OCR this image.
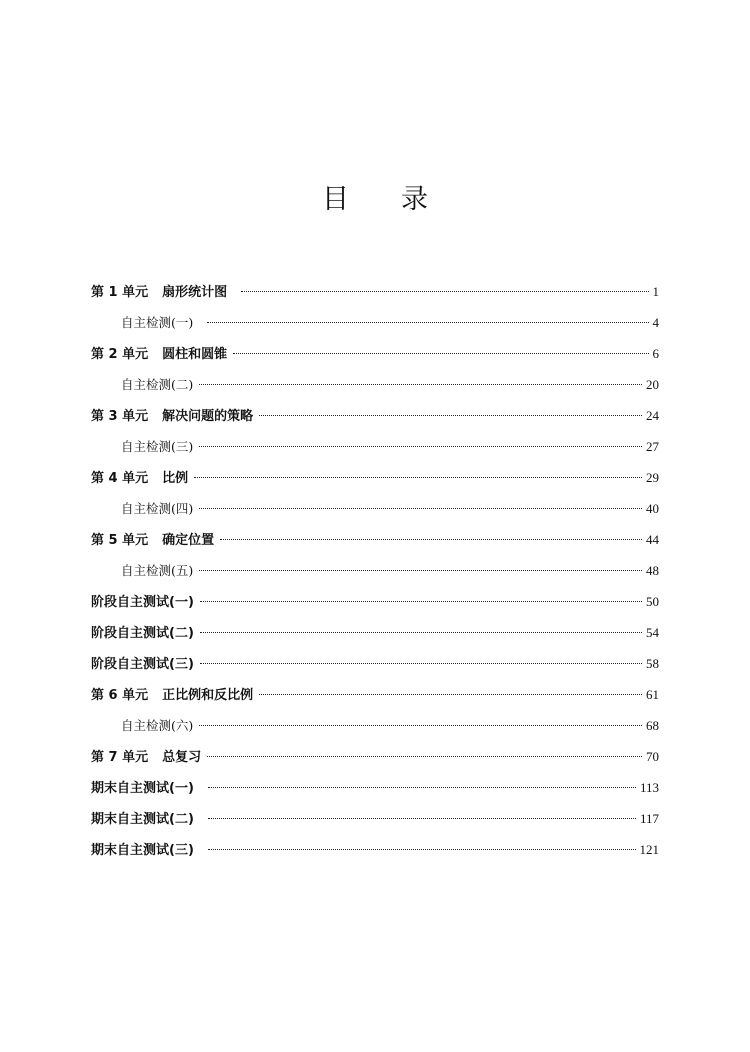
目 录
第 1 单元 扇形统计图	1
自主检测(一)	4
第 2 单元 圆柱和圆锥	6
自主检测(二)	20
第 3 单元 解决问题的策略	24
自主检测(三)	27
第 4 单元 比例	29
自主检测(四)	40
第 5 单元 确定位置	44
自主检测(五)	48
阶段自主测试(一)	50
阶段自主测试(二)	54
阶段自主测试(三)	58
第 6 单元 正比例和反比例	61
自主检测(六)	68
第 7 单元 总复习	70
期末自主测试(一)	113
期末自主测试(二)	117
期末自主测试(三)	121
